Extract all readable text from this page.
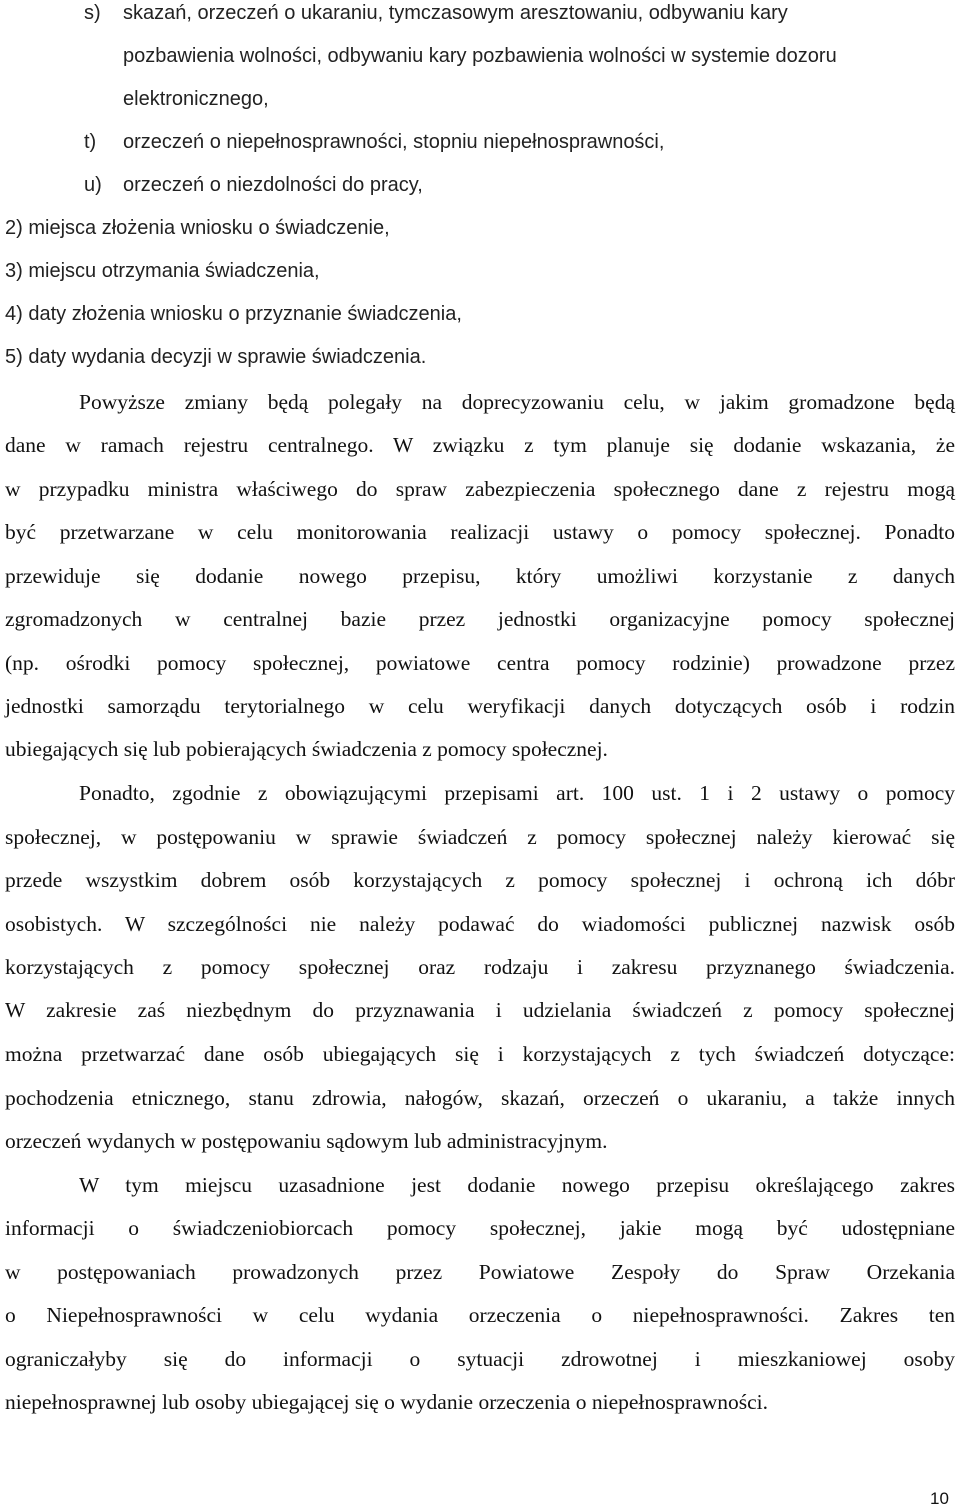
s) skazań, orzeczeń o ukaraniu, tymczasowym aresztowaniu, odbywaniu kary
pozbawienia wolności, odbywaniu kary pozbawienia wolności w systemie dozoru
elektronicznego,
t) orzeczeń o niepełnosprawności, stopniu niepełnosprawności,
u) orzeczeń o niezdolności do pracy,
2) miejsca złożenia wniosku o świadczenie,
3) miejscu otrzymania świadczenia,
4) daty złożenia wniosku o przyznanie świadczenia,
5) daty wydania decyzji w sprawie świadczenia.
Powyższe zmiany będą polegały na doprecyzowaniu celu, w jakim gromadzone będą
dane w ramach rejestru centralnego. W związku z tym planuje się dodanie wskazania, że
w przypadku ministra właściwego do spraw zabezpieczenia społecznego dane z rejestru mogą
być przetwarzane w celu monitorowania realizacji ustawy o pomocy społecznej. Ponadto
przewiduje się dodanie nowego przepisu, który umożliwi korzystanie z danych
zgromadzonych w centralnej bazie przez jednostki organizacyjne pomocy społecznej
(np. ośrodki pomocy społecznej, powiatowe centra pomocy rodzinie) prowadzone przez
jednostki samorządu terytorialnego w celu weryfikacji danych dotyczących osób i rodzin
ubiegających się lub pobierających świadczenia z pomocy społecznej.
Ponadto, zgodnie z obowiązującymi przepisami art. 100 ust. 1 i 2 ustawy o pomocy
społecznej, w postępowaniu w sprawie świadczeń z pomocy społecznej należy kierować się
przede wszystkim dobrem osób korzystających z pomocy społecznej i ochroną ich dóbr
osobistych. W szczególności nie należy podawać do wiadomości publicznej nazwisk osób
korzystających z pomocy społecznej oraz rodzaju i zakresu przyznanego świadczenia.
W zakresie zaś niezbędnym do przyznawania i udzielania świadczeń z pomocy społecznej
można przetwarzać dane osób ubiegających się i korzystających z tych świadczeń dotyczące:
pochodzenia etnicznego, stanu zdrowia, nałogów, skazań, orzeczeń o ukaraniu, a także innych
orzeczeń wydanych w postępowaniu sądowym lub administracyjnym.
W tym miejscu uzasadnione jest dodanie nowego przepisu określającego zakres
informacji o świadczeniobiorcach pomocy społecznej, jakie mogą być udostępniane
w postępowaniach prowadzonych przez Powiatowe Zespoły do Spraw Orzekania
o Niepełnosprawności w celu wydania orzeczenia o niepełnosprawności. Zakres ten
ograniczałyby się do informacji o sytuacji zdrowotnej i mieszkaniowej osoby
niepełnosprawnej lub osoby ubiegającej się o wydanie orzeczenia o niepełnosprawności.
10
